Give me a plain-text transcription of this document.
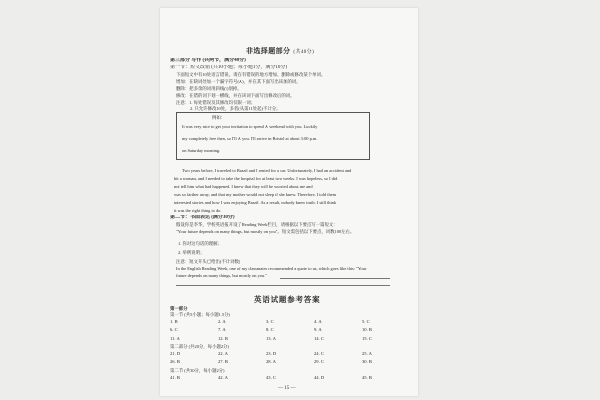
非选择题部分 (共40分)
第三部分 写作 (共两节，满分40分)
第一节：短文改错 (共10小题；每小题1分，满分10分)
下面短文中有10处语言错误。请在有错误的地方增加、删除或修改某个单词。
增加：在缺词处加一个漏字符号(∧)，并在其下面写出该加的词。
删除：把多余的词用斜线(\)划掉。
修改：在错的词下划一横线，并在该词下面写出修改后的词。
注意：1. 每处错误及其修改均仅限一词；
2. 只允许修改10处，多者(从第11处起)不计分。
例如：
It was very nice to get your invitation to spend ∧ weekend with you. Luckily
my completely free then, so I'll ∧ you. I'll arrive in Bristol at about 3:00 p.m.
on Saturday morning.
Two years before, I traveled to Brazil and I rented for a car. Unfortunately, I had an accident and
hit a woman, and I needed to take the hospital for at least two weeks. I was hopeless, so I did
not tell him what had happened. I knew that they will be worried about me and
was so farther away, and that my mother would not sleep if she knew. Therefore, I told them
interested stories and how I was enjoying Brazil. As a result, nobody knew truth. I still think
it was the right thing to do.
第二节：书面表达 (满分30分)
假设你是李华，学校英语报开设了Reading Week栏目，请根据以下要点写一篇短文：
"Your future depends on many things, but mostly on you"。短文需包括以下要点，词数100左右。
1. 你对这句话的理解；
2. 举例说明；
注意：短文开头已给出(不计词数)
In the English Reading Week, one of my classmates recommended a quote to us, which goes like this: "Your
future depends on many things, but mostly on you."
英语试题参考答案
第一部分
第一节 (共5小题；每小题1.5分)
1. B	2. A	3. C	4. A	5. C
6. C	7. A	8. C	9. A	10. B
11. A	12. B	13. A	14. C	15. C
第二部分 (共20分，每小题2分)
21. D	22. A	23. D	24. C	25. A
26. B	27. B	28. A	29. C	30. B
第二节 (共30分，每小题2分)
41. B	42. A	43. C	44. D	45. B
— 15 —
